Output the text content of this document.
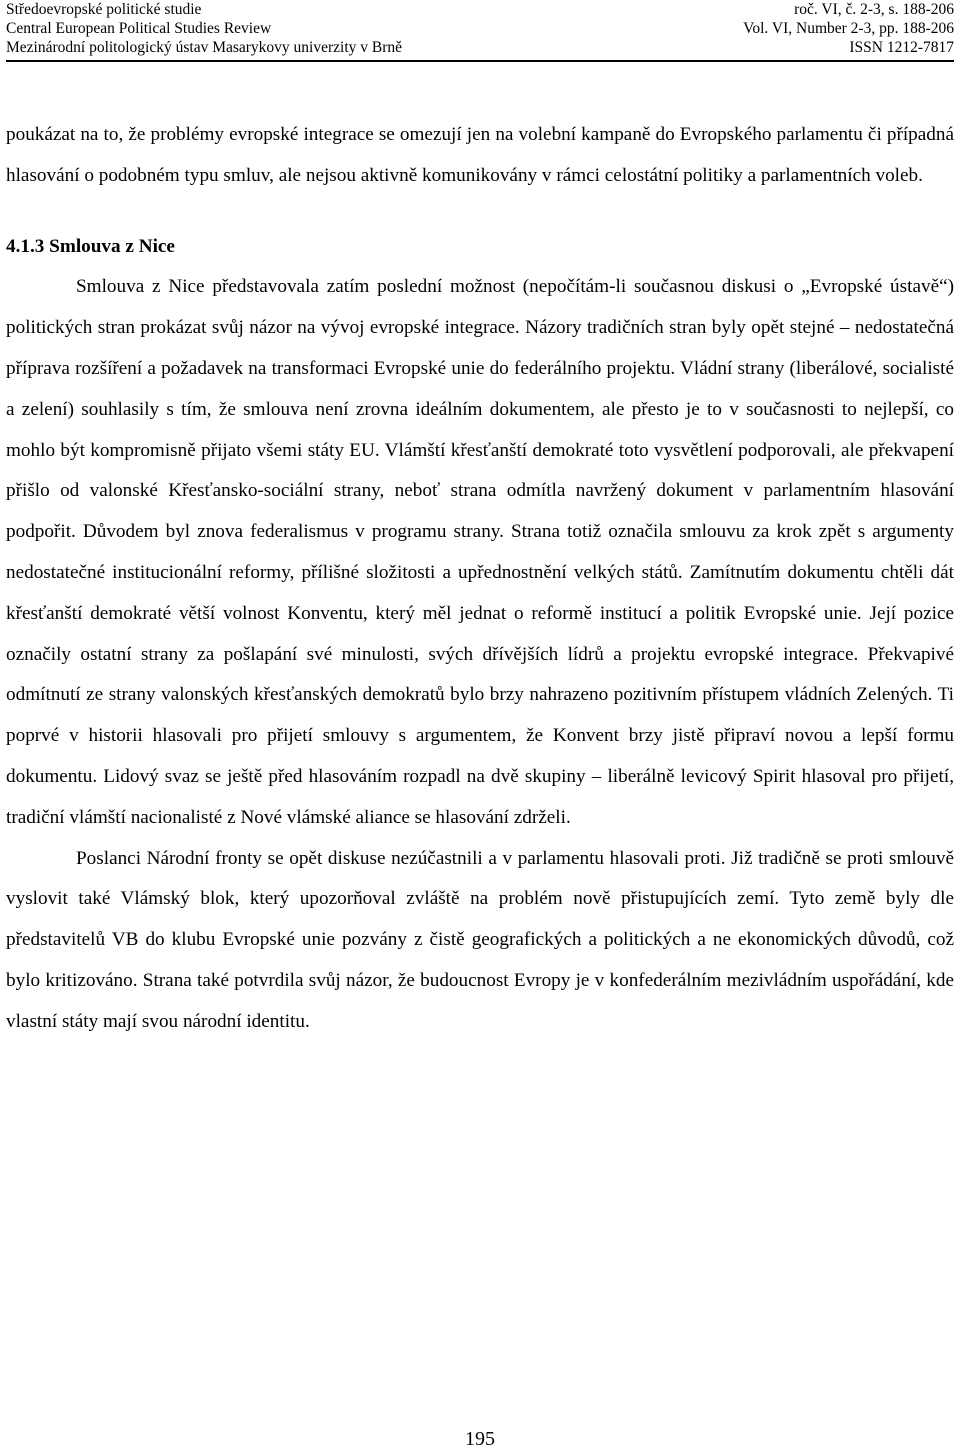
Středoevropské politické studie	roč. VI, č. 2-3, s. 188-206
Central European Political Studies Review	Vol. VI, Number 2-3, pp. 188-206
Mezinárodní politologický ústav Masarykovy univerzity v Brně	ISSN 1212-7817

poukázat na to, že problémy evropské integrace se omezují jen na volební kampaně do Evropského parlamentu či případná hlasování o podobném typu smluv, ale nejsou aktivně komunikovány v rámci celostátní politiky a parlamentních voleb.

4.1.3 Smlouva z Nice

Smlouva z Nice představovala zatím poslední možnost (nepočítám-li současnou diskusi o „Evropské ústavě“) politických stran prokázat svůj názor na vývoj evropské integrace. Názory tradičních stran byly opět stejné – nedostatečná příprava rozšíření a požadavek na transformaci Evropské unie do federálního projektu. Vládní strany (liberálové, socialisté a zelení) souhlasily s tím, že smlouva není zrovna ideálním dokumentem, ale přesto je to v současnosti to nejlepší, co mohlo být kompromisně přijato všemi státy EU. Vlámští křesťanští demokraté toto vysvětlení podporovali, ale překvapení přišlo od valonské Křesťansko-sociální strany, neboť strana odmítla navržený dokument v parlamentním hlasování podpořit. Důvodem byl znova federalismus v programu strany. Strana totiž označila smlouvu za krok zpět s argumenty nedostatečné institucionální reformy, přílišné složitosti a upřednostnění velkých států. Zamítnutím dokumentu chtěli dát křesťanští demokraté větší volnost Konventu, který měl jednat o reformě institucí a politik Evropské unie. Její pozice označily ostatní strany za pošlapání své minulosti, svých dřívějších lídrů a projektu evropské integrace. Překvapivé odmítnutí ze strany valonských křesťanských demokratů bylo brzy nahrazeno pozitivním přístupem vládních Zelených. Ti poprvé v historii hlasovali pro přijetí smlouvy s argumentem, že Konvent brzy jistě připraví novou a lepší formu dokumentu. Lidový svaz se ještě před hlasováním rozpadl na dvě skupiny – liberálně levicový Spirit hlasoval pro přijetí, tradiční vlámští nacionalisté z Nové vlámské aliance se hlasování zdrželi.

Poslanci Národní fronty se opět diskuse nezúčastnili a v parlamentu hlasovali proti. Již tradičně se proti smlouvě vyslovit také Vlámský blok, který upozorňoval zvláště na problém nově přistupujících zemí. Tyto země byly dle představitelů VB do klubu Evropské unie pozvány z čistě geografických a politických a ne ekonomických důvodů, což bylo kritizováno. Strana také potvrdila svůj názor, že budoucnost Evropy je v konfederálním mezivládním uspořádání, kde vlastní státy mají svou národní identitu.

195
